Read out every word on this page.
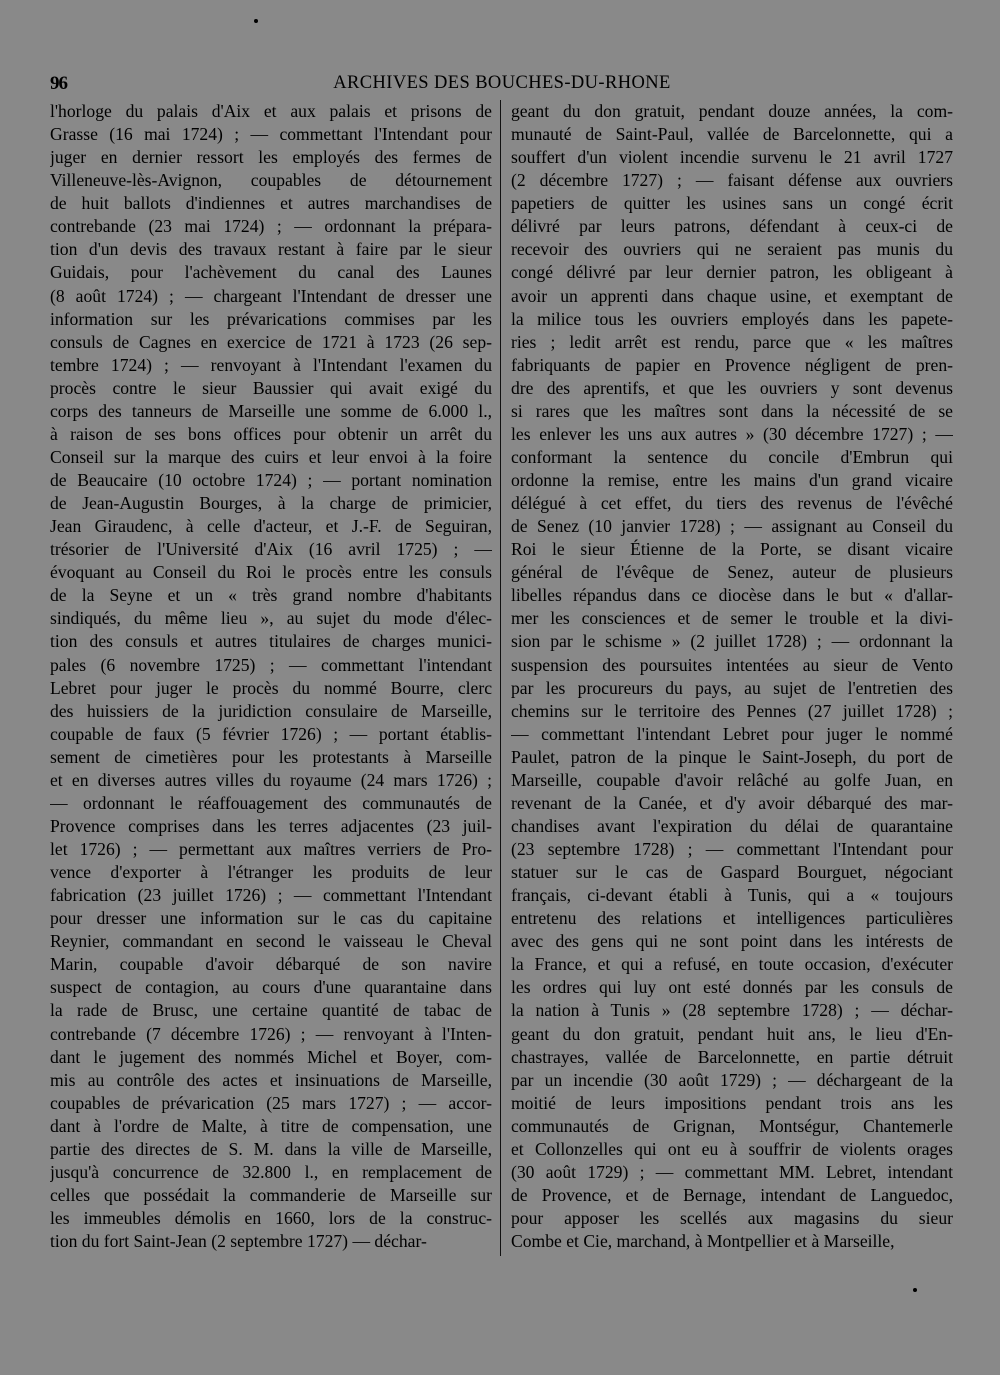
96	ARCHIVES DES BOUCHES-DU-RHONE
l'horloge du palais d'Aix et aux palais et prisons de
Grasse (16 mai 1724) ; — commettant l'Intendant pour
juger en dernier ressort les employés des fermes de
Villeneuve-lès-Avignon, coupables de détournement
de huit ballots d'indiennes et autres marchandises de
contrebande (23 mai 1724) ; — ordonnant la prépara-
tion d'un devis des travaux restant à faire par le sieur
Guidais, pour l'achèvement du canal des Launes
(8 août 1724) ; — chargeant l'Intendant de dresser une
information sur les prévarications commises par les
consuls de Cagnes en exercice de 1721 à 1723 (26 sep-
tembre 1724) ; — renvoyant à l'Intendant l'examen du
procès contre le sieur Baussier qui avait exigé du
corps des tanneurs de Marseille une somme de 6.000 l.,
à raison de ses bons offices pour obtenir un arrêt du
Conseil sur la marque des cuirs et leur envoi à la foire
de Beaucaire (10 octobre 1724) ; — portant nomination
de Jean-Augustin Bourges, à la charge de primicier,
Jean Giraudenc, à celle d'acteur, et J.-F. de Seguiran,
trésorier de l'Université d'Aix (16 avril 1725) ; —
évoquant au Conseil du Roi le procès entre les consuls
de la Seyne et un « très grand nombre d'habitants
sindiqués, du même lieu », au sujet du mode d'élec-
tion des consuls et autres titulaires de charges munici-
pales (6 novembre 1725) ; — commettant l'intendant
Lebret pour juger le procès du nommé Bourre, clerc
des huissiers de la juridiction consulaire de Marseille,
coupable de faux (5 février 1726) ; — portant établis-
sement de cimetières pour les protestants à Marseille
et en diverses autres villes du royaume (24 mars 1726) ;
— ordonnant le réaffouagement des communautés de
Provence comprises dans les terres adjacentes (23 juil-
let 1726) ; — permettant aux maîtres verriers de Pro-
vence d'exporter à l'étranger les produits de leur
fabrication (23 juillet 1726) ; — commettant l'Intendant
pour dresser une information sur le cas du capitaine
Reynier, commandant en second le vaisseau le Cheval
Marin, coupable d'avoir débarqué de son navire
suspect de contagion, au cours d'une quarantaine dans
la rade de Brusc, une certaine quantité de tabac de
contrebande (7 décembre 1726) ; — renvoyant à l'Inten-
dant le jugement des nommés Michel et Boyer, com-
mis au contrôle des actes et insinuations de Marseille,
coupables de prévarication (25 mars 1727) ; — accor-
dant à l'ordre de Malte, à titre de compensation, une
partie des directes de S. M. dans la ville de Marseille,
jusqu'à concurrence de 32.800 l., en remplacement de
celles que possédait la commanderie de Marseille sur
les immeubles démolis en 1660, lors de la construc-
tion du fort Saint-Jean (2 septembre 1727) — déchar-
geant du don gratuit, pendant douze années, la com-
munauté de Saint-Paul, vallée de Barcelonnette, qui a
souffert d'un violent incendie survenu le 21 avril 1727
(2 décembre 1727) ; — faisant défense aux ouvriers
papetiers de quitter les usines sans un congé écrit
délivré par leurs patrons, défendant à ceux-ci de
recevoir des ouvriers qui ne seraient pas munis du
congé délivré par leur dernier patron, les obligeant à
avoir un apprenti dans chaque usine, et exemptant de
la milice tous les ouvriers employés dans les papete-
ries ; ledit arrêt est rendu, parce que « les maîtres
fabriquants de papier en Provence négligent de pren-
dre des aprentifs, et que les ouvriers y sont devenus
si rares que les maîtres sont dans la nécessité de se
les enlever les uns aux autres » (30 décembre 1727) ; —
conformant la sentence du concile d'Embrun qui
ordonne la remise, entre les mains d'un grand vicaire
délégué à cet effet, du tiers des revenus de l'évêché
de Senez (10 janvier 1728) ; — assignant au Conseil du
Roi le sieur Étienne de la Porte, se disant vicaire
général de l'évêque de Senez, auteur de plusieurs
libelles répandus dans ce diocèse dans le but « d'allar-
mer les consciences et de semer le trouble et la divi-
sion par le schisme » (2 juillet 1728) ; — ordonnant la
suspension des poursuites intentées au sieur de Vento
par les procureurs du pays, au sujet de l'entretien des
chemins sur le territoire des Pennes (27 juillet 1728) ;
— commettant l'intendant Lebret pour juger le nommé
Paulet, patron de la pinque le Saint-Joseph, du port de
Marseille, coupable d'avoir relâché au golfe Juan, en
revenant de la Canée, et d'y avoir débarqué des mar-
chandises avant l'expiration du délai de quarantaine
(23 septembre 1728) ; — commettant l'Intendant pour
statuer sur le cas de Gaspard Bourguet, négociant
français, ci-devant établi à Tunis, qui a « toujours
entretenu des relations et intelligences particulières
avec des gens qui ne sont point dans les intérests de
la France, et qui a refusé, en toute occasion, d'exécuter
les ordres qui luy ont esté donnés par les consuls de
la nation à Tunis » (28 septembre 1728) ; — déchar-
geant du don gratuit, pendant huit ans, le lieu d'En-
chastrayes, vallée de Barcelonnette, en partie détruit
par un incendie (30 août 1729) ; — déchargeant de la
moitié de leurs impositions pendant trois ans les
communautés de Grignan, Montségur, Chantemerle
et Collonzelles qui ont eu à souffrir de violents orages
(30 août 1729) ; — commettant MM. Lebret, intendant
de Provence, et de Bernage, intendant de Languedoc,
pour apposer les scellés aux magasins du sieur
Combe et Cie, marchand, à Montpellier et à Marseille,
